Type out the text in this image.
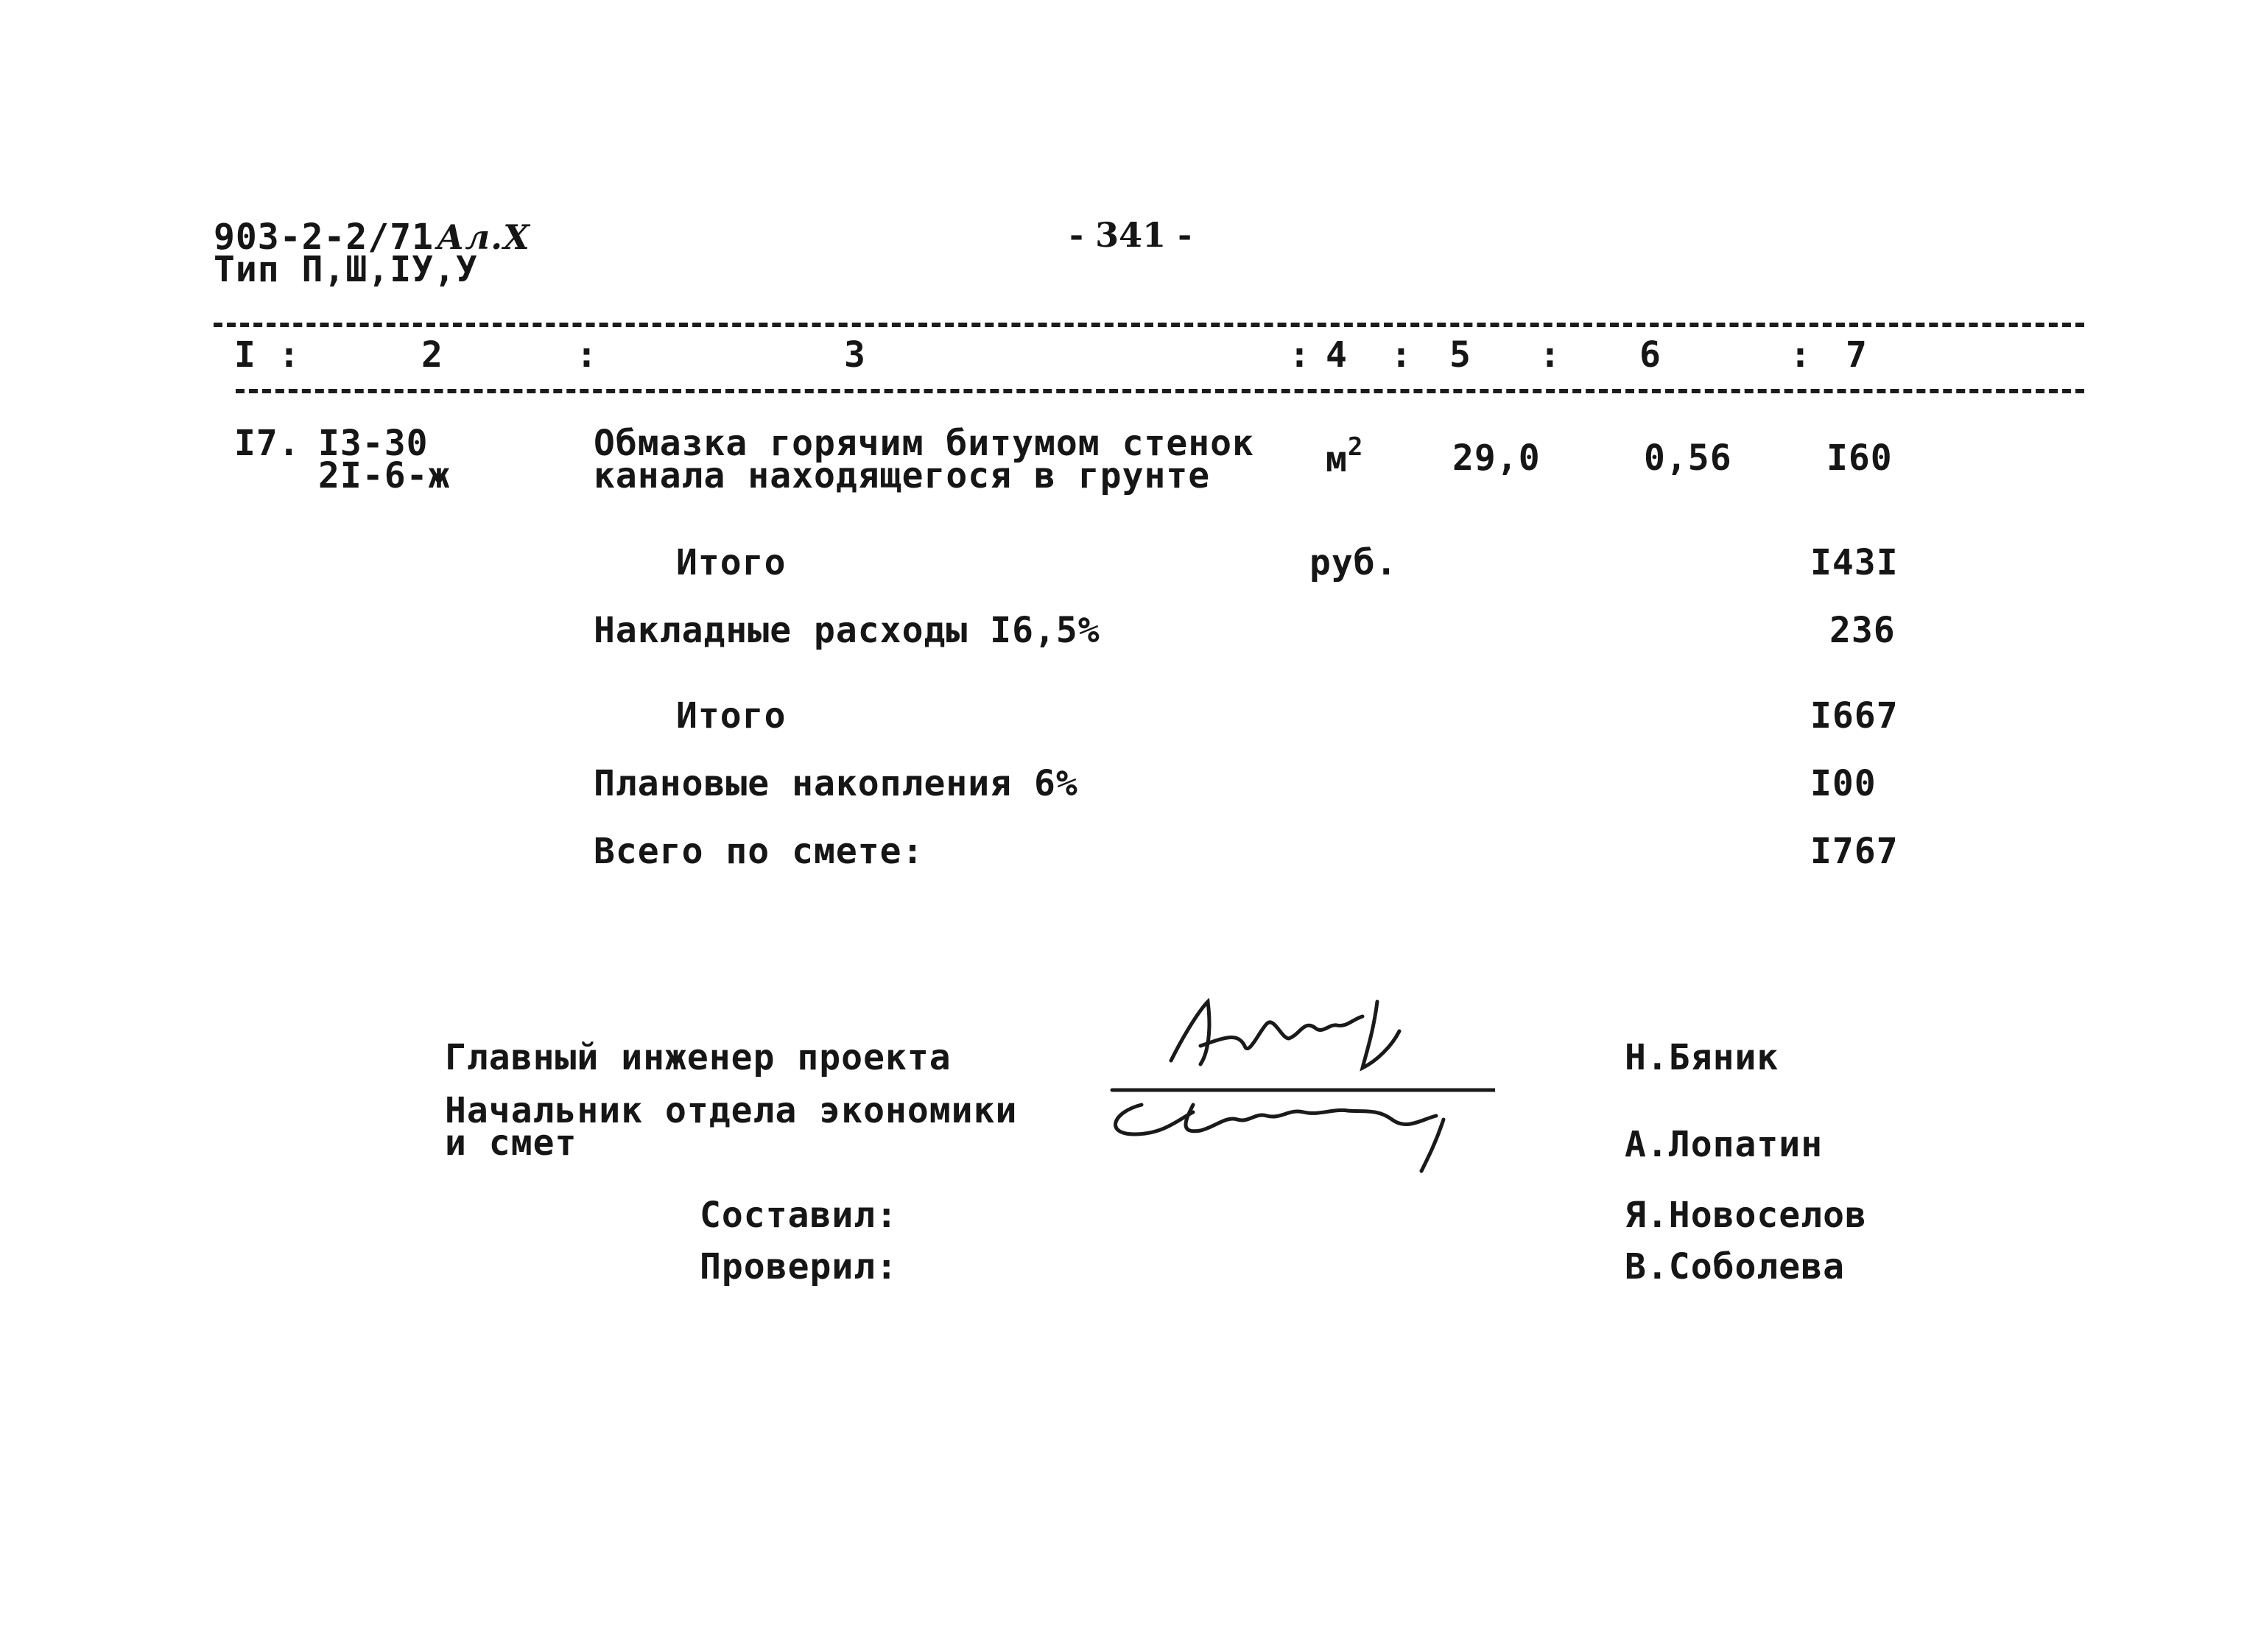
903-2-2/71Ал.Х
Тип П,Ш,IУ,У
- 341 -
I :	2	:	3	: 4 : 5 : 6	: 7
I7. I3-30
2I-6-ж
Обмазка горячим битумом стенок
канала находящегося в грунте	$м^2$	29,0	0,56	I60
Итого	руб.	I43I
Накладные расходы I6,5%	236
Итого	I667
Плановые накопления 6%	I00
Всего по смете:	I767
Главный инженер проекта	Н.Бяник
Начальник отдела экономики
и смет	А.Лопатин
Составил:	Я.Новоселов
Проверил:	В.Соболева
